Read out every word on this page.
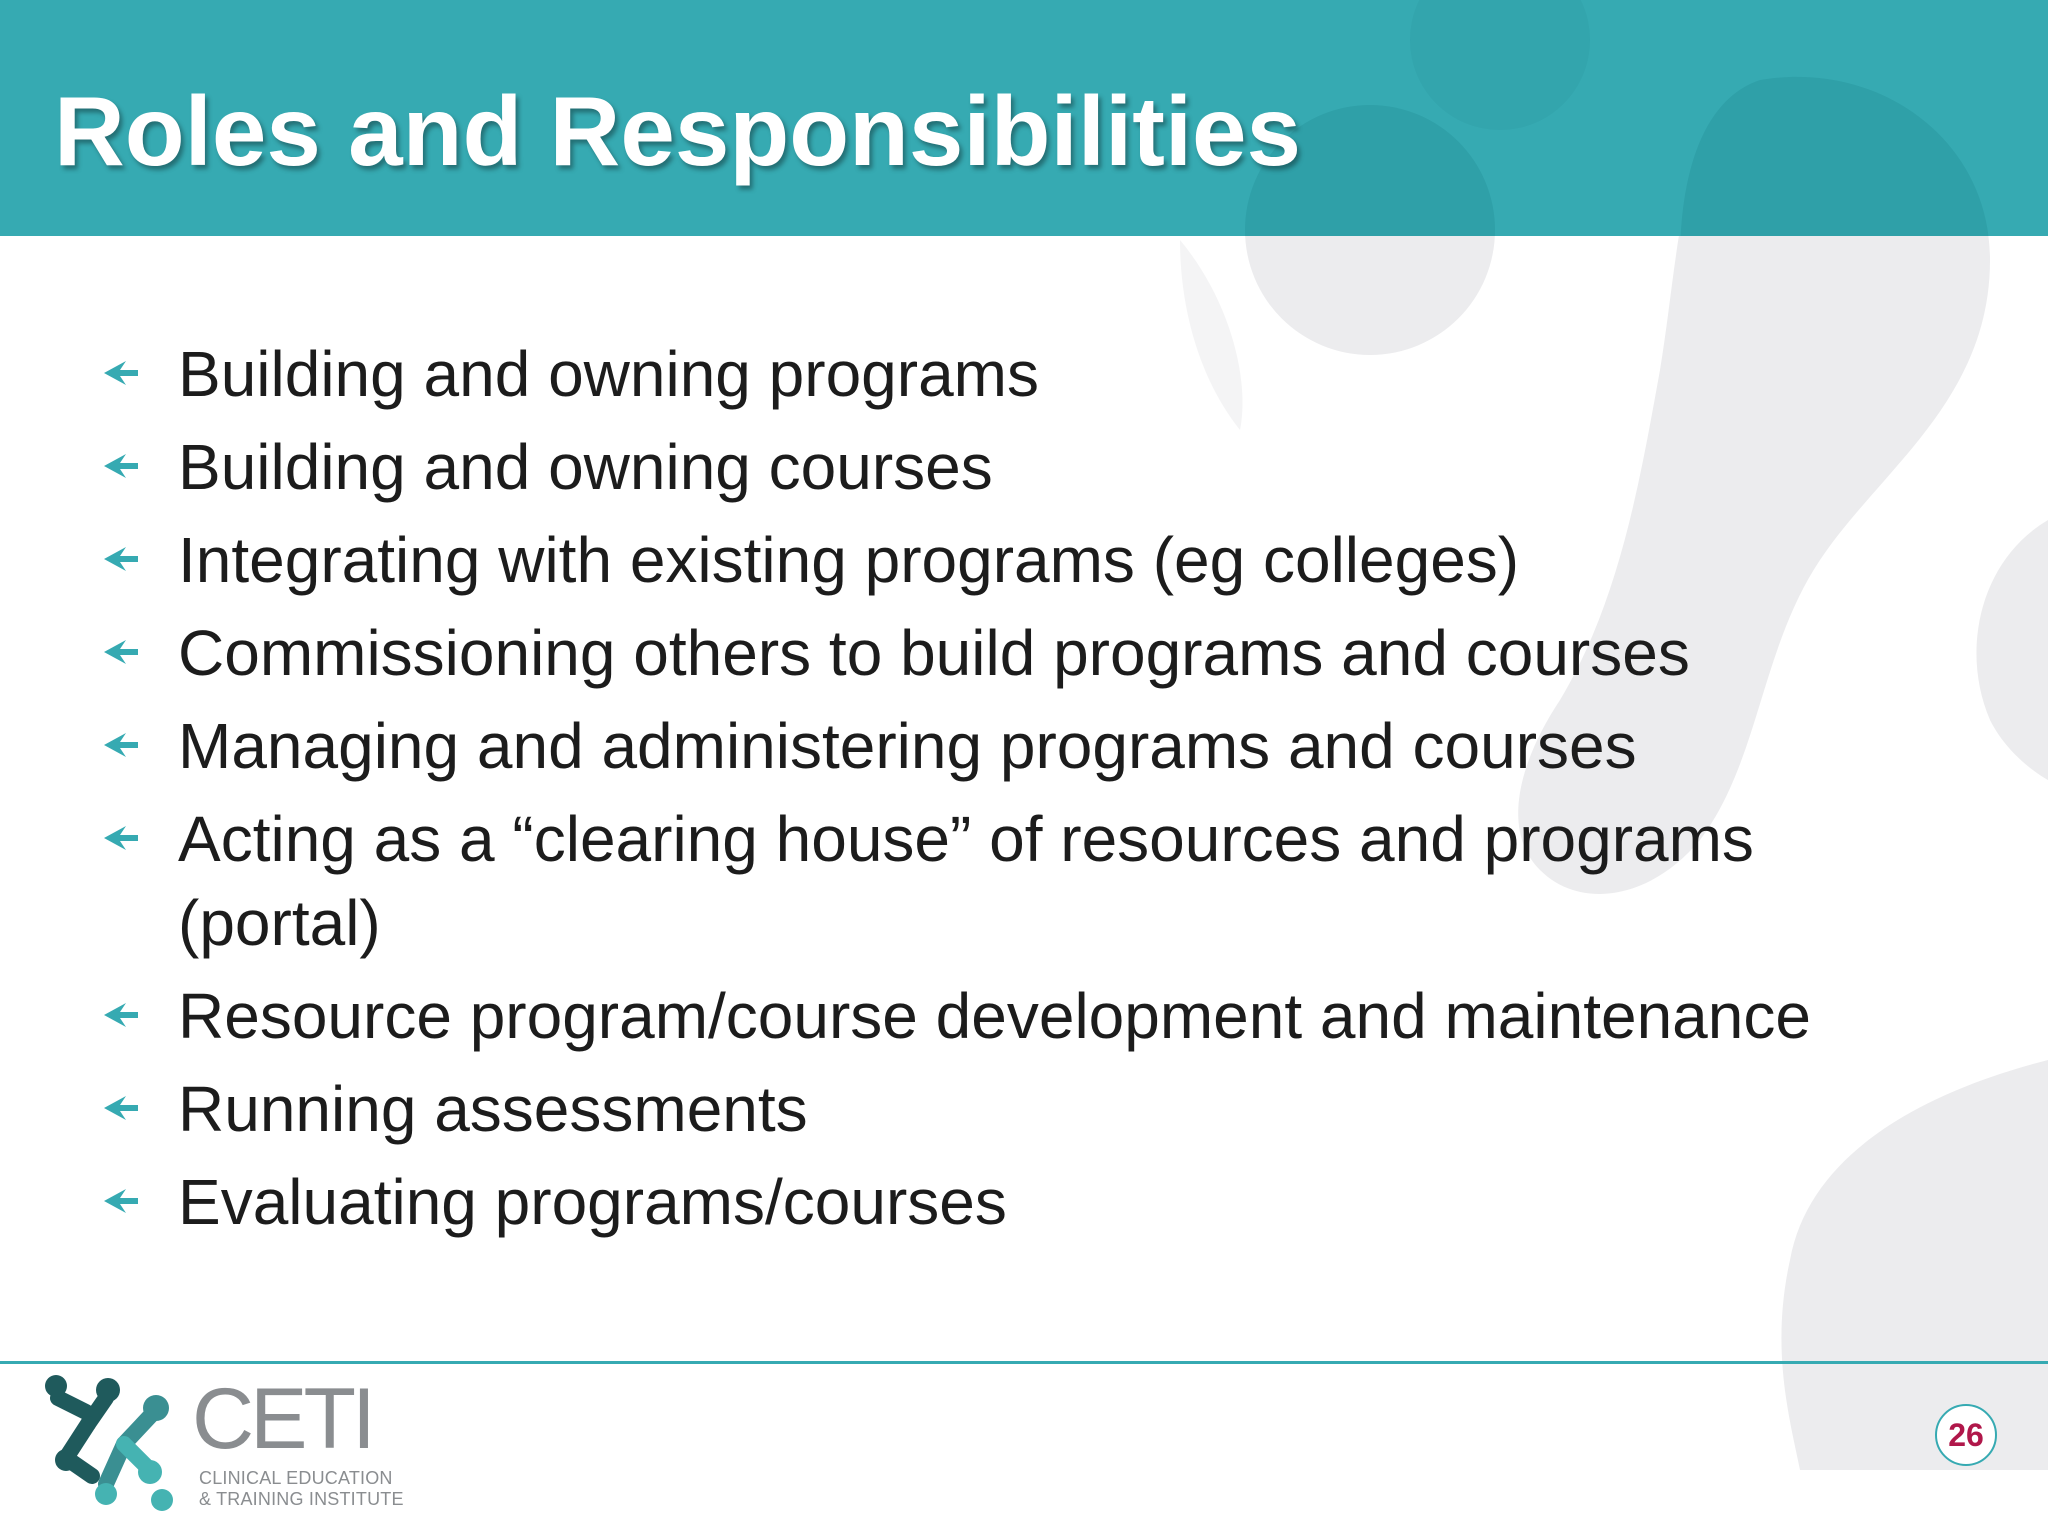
Roles and Responsibilities
Building and owning programs
Building and owning courses
Integrating with existing programs (eg colleges)
Commissioning others to build programs and courses
Managing and administering programs and courses
Acting as a “clearing house” of resources and programs (portal)
Resource program/course development and maintenance
Running assessments
Evaluating programs/courses
CETI
CLINICAL EDUCATION
& TRAINING INSTITUTE
26
